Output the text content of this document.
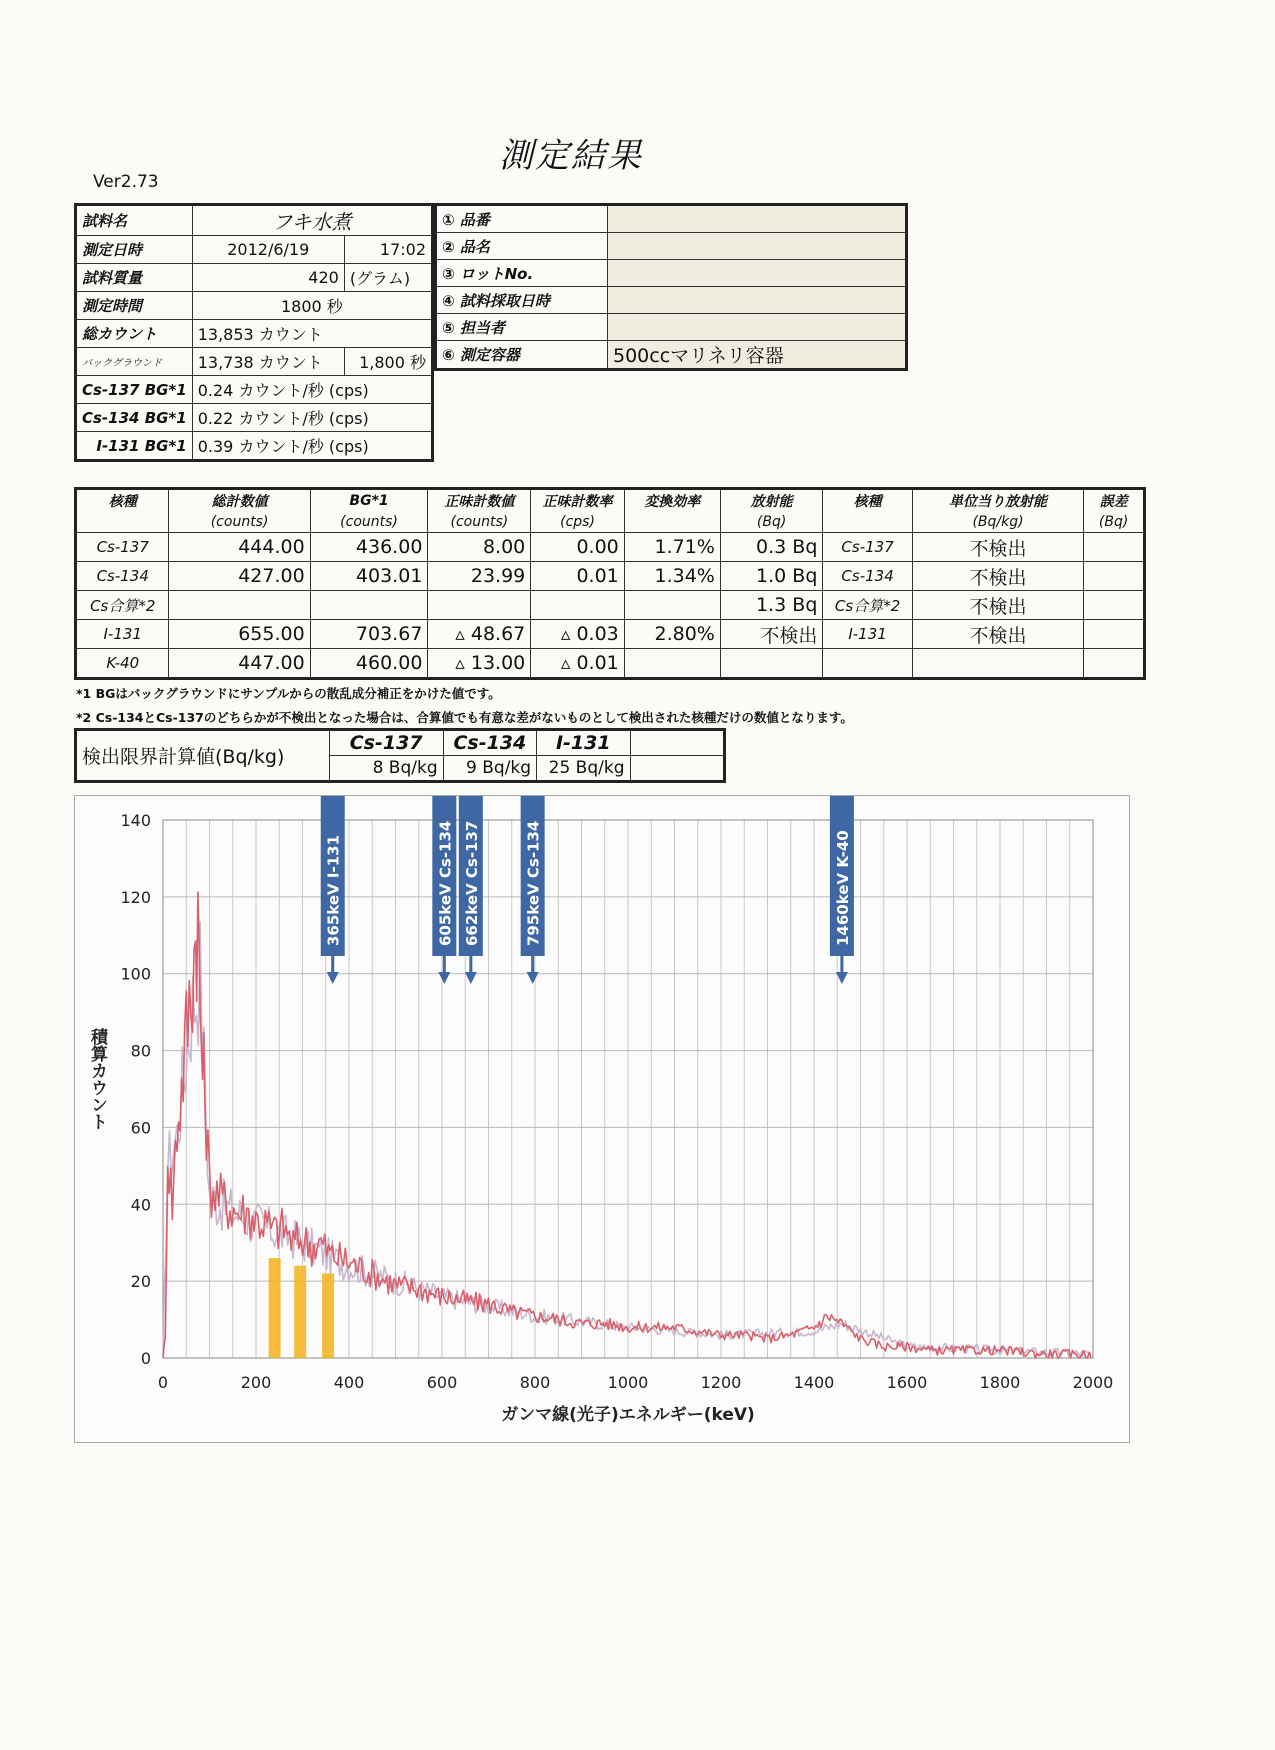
測定結果
Ver2.73
試料名	フキ水煮	
測定日時	2012/6/19	17:02
試料質量	420	(グラム)
測定時間	1800 秒	
総カウント	13,853 カウント	
バックグラウンド	13,738 カウント	1,800 秒
Cs-137 BG*1	0.24 カウント/秒 (cps)	
Cs-134 BG*1	0.22 カウント/秒 (cps)	
I-131 BG*1	0.39 カウント/秒 (cps)	
① 品番	
② 品名	
③ ロットNo.	
④ 試料採取日時	
⑤ 担当者	
⑥ 測定容器	500ccマリネリ容器
核種	総計数値	BG*1	正味計数値	正味計数率	変換効率	放射能	核種	単位当り放射能	誤差
	(counts)	(counts)	(counts)	(cps)		(Bq)		(Bq/kg)	(Bq)
Cs-137	444.00	436.00	8.00	0.00	1.71%	0.3 Bq	Cs-137	不検出	
Cs-134	427.00	403.01	23.99	0.01	1.34%	1.0 Bq	Cs-134	不検出	
Cs合算*2						1.3 Bq	Cs合算*2	不検出	
I-131	655.00	703.67	▵ 48.67	▵ 0.03	2.80%	不検出	I-131	不検出	
K-40	447.00	460.00	▵ 13.00	▵ 0.01					
*1 BGはバックグラウンドにサンプルからの散乱成分補正をかけた値です。
*2 Cs-134とCs-137のどちらかが不検出となった場合は、合算値でも有意な差がないものとして検出された核種だけの数値となります。
検出限界計算値(Bq/kg)	Cs-137	Cs-134	I-131	
	8 Bq/kg	9 Bq/kg	25 Bq/kg	
0
20
40
60
80
100
120
140
0	200	400	600	800	1000	1200	1400	1600	1800	2000
365keV I-131	605keV Cs-134 662keV Cs-137	795keV Cs-134	1460keV K-40
ガンマ線(光子)エネルギー(keV)
積算カウント
